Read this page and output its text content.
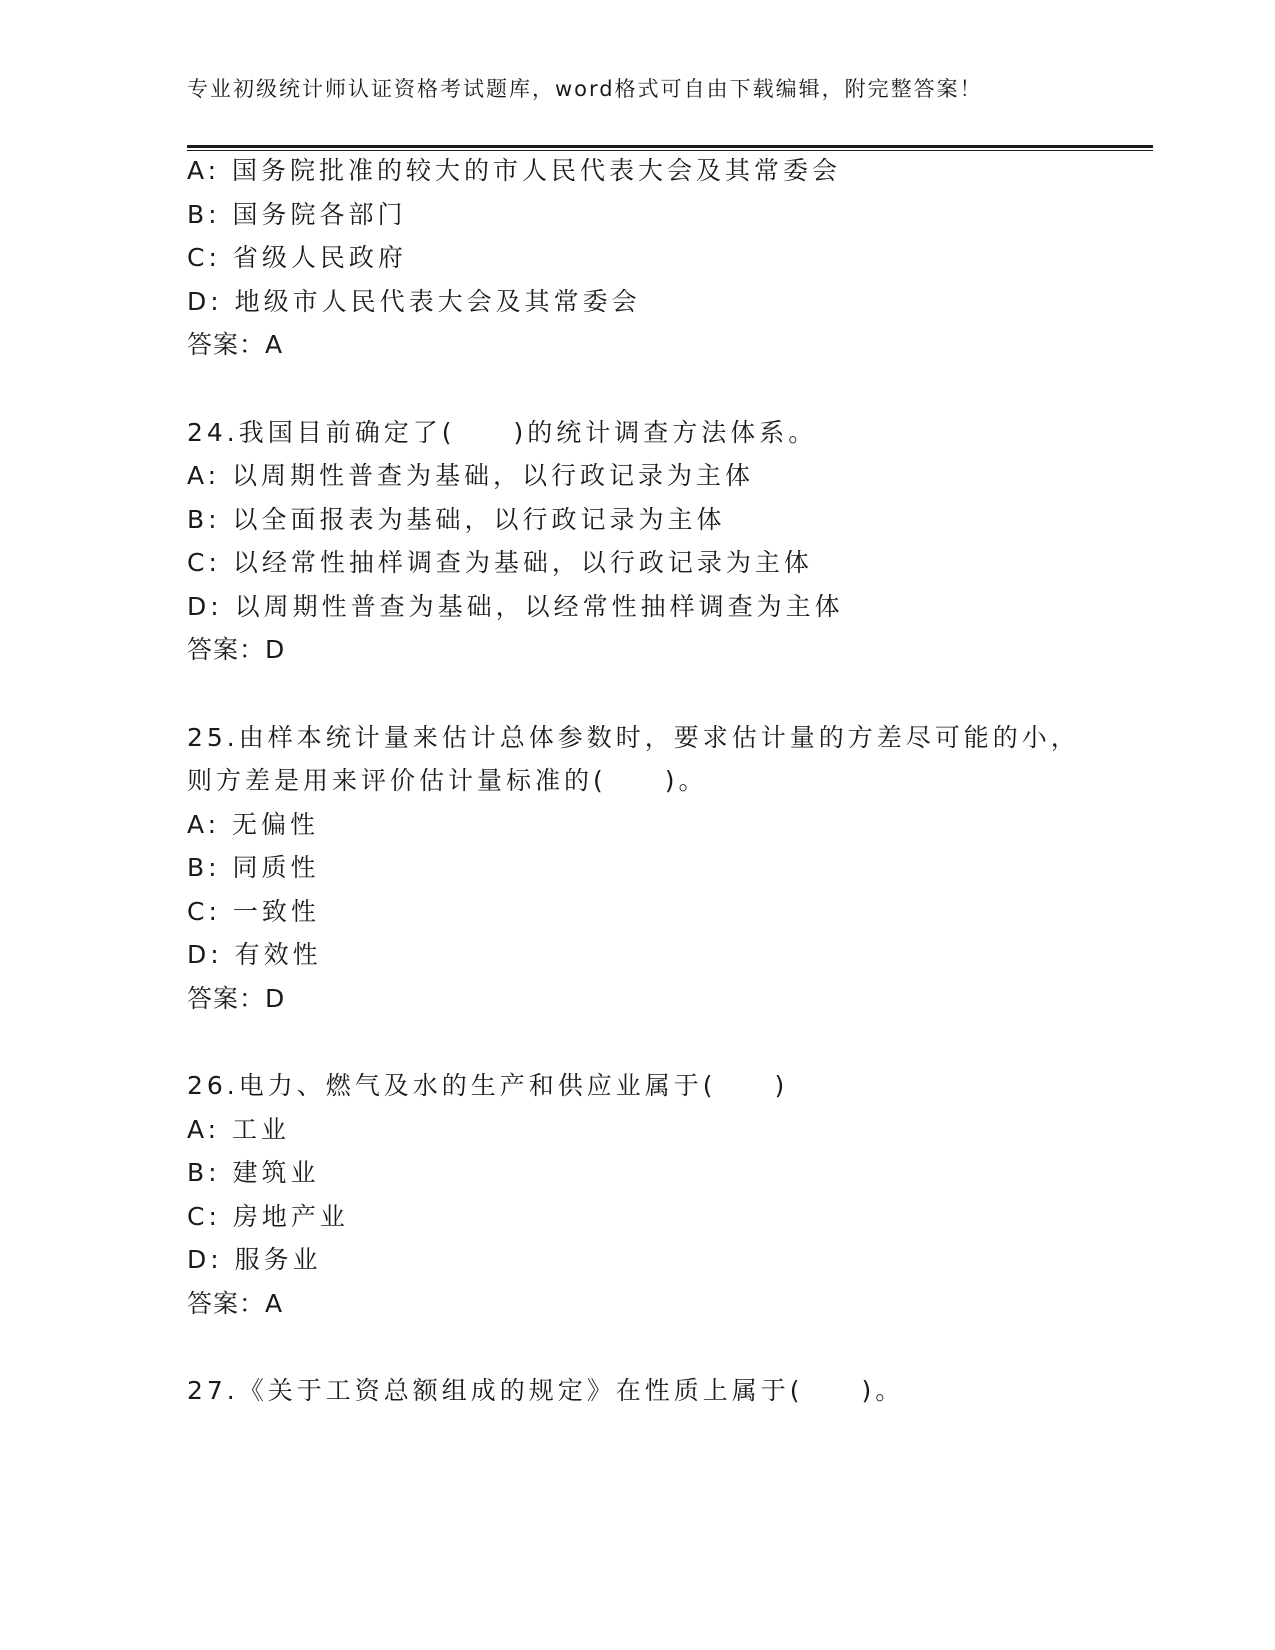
专业初级统计师认证资格考试题库，word格式可自由下载编辑，附完整答案！
A: 国务院批准的较大的市人民代表大会及其常委会
B: 国务院各部门
C: 省级人民政府
D: 地级市人民代表大会及其常委会
答案：A
24.我国目前确定了(　　)的统计调查方法体系。
A: 以周期性普查为基础，以行政记录为主体
B: 以全面报表为基础，以行政记录为主体
C: 以经常性抽样调查为基础，以行政记录为主体
D: 以周期性普查为基础，以经常性抽样调查为主体
答案：D
25.由样本统计量来估计总体参数时，要求估计量的方差尽可能的小，
则方差是用来评价估计量标准的(　　)。
A: 无偏性
B: 同质性
C: 一致性
D: 有效性
答案：D
26.电力、燃气及水的生产和供应业属于(　　)
A: 工业
B: 建筑业
C: 房地产业
D: 服务业
答案：A
27.《关于工资总额组成的规定》在性质上属于(　　)。
